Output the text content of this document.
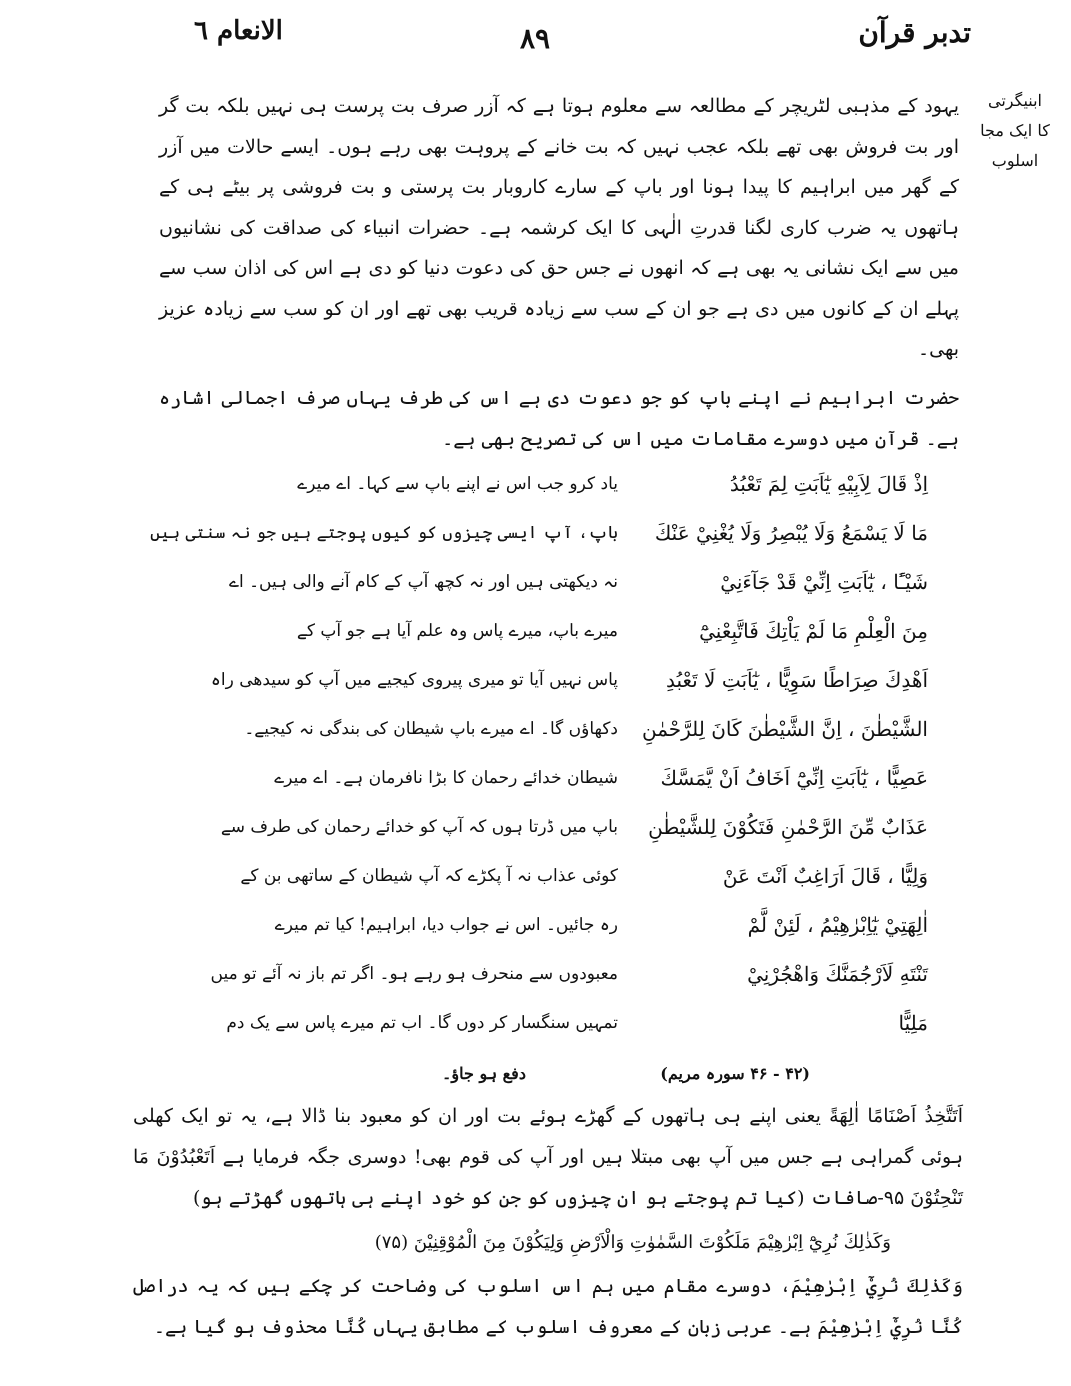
تدبر قرآن
۸۹
الانعام ٦
ابنیگرتی
کا ایک مجا
اسلوب
یہود کے مذہبی لٹریچر کے مطالعہ سے معلوم ہوتا ہے کہ آزر صرف بت پرست ہی نہیں بلکہ بت گر اور بت فروش بھی تھے بلکہ عجب نہیں کہ بت خانے کے پروہت بھی رہے ہوں۔ ایسے حالات میں آزر کے گھر میں ابراہیم کا پیدا ہونا اور باپ کے سارے کاروبار بت پرستی و بت فروشی پر بیٹے ہی کے ہاتھوں یہ ضرب کاری لگنا قدرتِ الٰہی کا ایک کرشمہ ہے۔ حضرات انبیاء کی صداقت کی نشانیوں میں سے ایک نشانی یہ بھی ہے کہ انھوں نے جس حق کی دعوت دنیا کو دی ہے اس کی اذان سب سے پہلے ان کے کانوں میں دی ہے جو ان کے سب سے زیادہ قریب بھی تھے اور ان کو سب سے زیادہ عزیز بھی۔
حضرت ابراہیم نے اپنے باپ کو جو دعوت دی ہے اس کی طرف یہاں صرف اجمالی اشارہ ہے۔ قرآن میں دوسرے مقامات میں اس کی تصریح بھی ہے۔
اِذْ قَالَ لِاَبِيْهِ يٰٓاَبَتِ لِمَ تَعْبُدُ
یاد کرو جب اس نے اپنے باپ سے کہا۔ اے میرے
مَا لَا يَسْمَعُ وَلَا يُبْصِرُ وَلَا يُغْنِيْ عَنْكَ
باپ، آپ ایسی چیزوں کو کیوں پوجتے ہیں جو نہ سنتی ہیں
شَيْـًٔا ، يٰٓاَبَتِ اِنِّيْ قَدْ جَآءَنِيْ
نہ دیکھتی ہیں اور نہ کچھ آپ کے کام آنے والی ہیں۔ اے
مِنَ الْعِلْمِ مَا لَمْ يَاْتِكَ فَاتَّبِعْنِيْٓ
میرے باپ، میرے پاس وہ علم آیا ہے جو آپ کے
اَهْدِكَ صِرَاطًا سَوِيًّا ، يٰٓاَبَتِ لَا تَعْبُدِ
پاس نہیں آیا تو میری پیروی کیجیے میں آپ کو سیدھی راہ
الشَّيْطٰنَ ، اِنَّ الشَّيْطٰنَ كَانَ لِلرَّحْمٰنِ
دکھاؤں گا۔ اے میرے باپ شیطان کی بندگی نہ کیجیے۔
عَصِيًّا ، يٰٓاَبَتِ اِنِّيْٓ اَخَافُ اَنْ يَّمَسَّكَ
شیطان خدائے رحمان کا بڑا نافرمان ہے۔ اے میرے
عَذَابٌ مِّنَ الرَّحْمٰنِ فَتَكُوْنَ لِلشَّيْطٰنِ
باپ میں ڈرتا ہوں کہ آپ کو خدائے رحمان کی طرف سے
وَلِيًّا ، قَالَ اَرَاغِبٌ اَنْتَ عَنْ
کوئی عذاب نہ آ پکڑے کہ آپ شیطان کے ساتھی بن کے
اٰلِهَتِيْ يٰٓاِبْرٰهِيْمُ ، لَئِنْ لَّمْ
رہ جائیں۔ اس نے جواب دیا، ابراہیم! کیا تم میرے
تَنْتَهِ لَاَرْجُمَنَّكَ وَاهْجُرْنِيْ
معبودوں سے منحرف ہو رہے ہو۔ اگر تم باز نہ آئے تو میں
مَلِيًّا
تمہیں سنگسار کر دوں گا۔ اب تم میرے پاس سے یک دم
(۴۲ - ۴۶ سورہ مریم)
دفع ہو جاؤ۔
اَتَتَّخِذُ اَصْنَامًا اٰلِهَةً یعنی اپنے ہی ہاتھوں کے گھڑے ہوئے بت اور ان کو معبود بنا ڈالا ہے، یہ تو ایک کھلی ہوئی گمراہی ہے جس میں آپ بھی مبتلا ہیں اور آپ کی قوم بھی! دوسری جگہ فرمایا ہے اَتَعْبُدُوْنَ مَا تَنْحِتُوْنَ ۹۵-صافات (کیا تم پوجتے ہو ان چیزوں کو جن کو خود اپنے ہی ہاتھوں گھڑتے ہو)
وَكَذٰلِكَ نُرِيْٓ اِبْرٰهِيْمَ مَلَكُوْتَ السَّمٰوٰتِ وَالْاَرْضِ وَلِيَكُوْنَ مِنَ الْمُوْقِنِيْنَ (۷۵)
وَكَذٰلِكَ نُرِيْٓ اِبْرٰهِيْمَ، دوسرے مقام میں ہم اس اسلوب کی وضاحت کر چکے ہیں کہ یہ دراصل كُنَّا نُرِيْٓ اِبْرٰهِيْمَ ہے۔ عربی زبان کے معروف اسلوب کے مطابق یہاں كُنَّا محذوف ہو گیا ہے۔
